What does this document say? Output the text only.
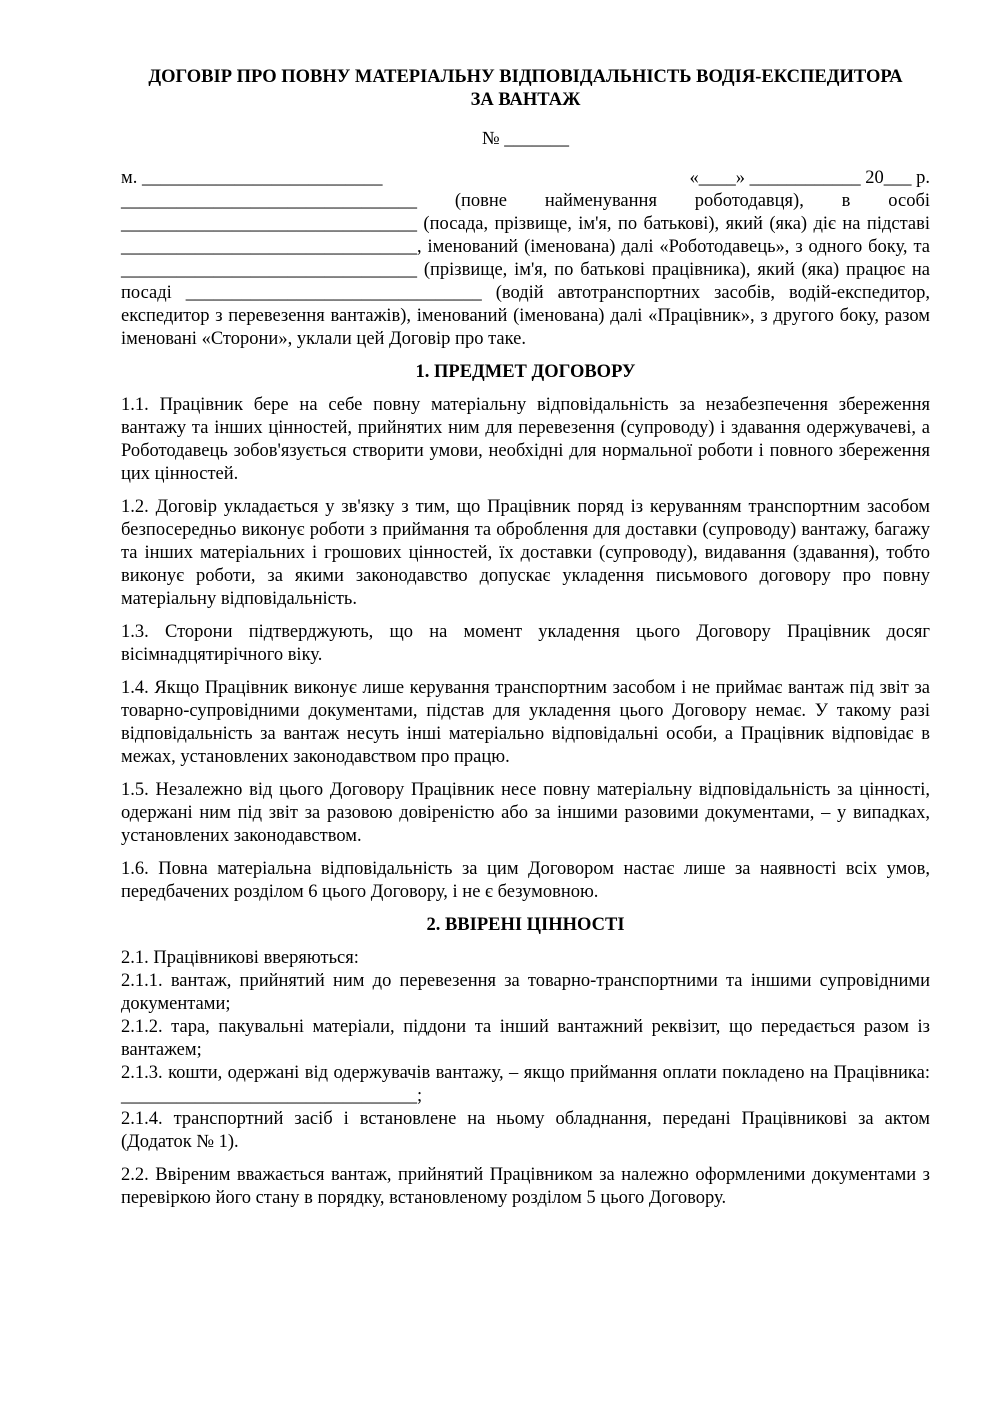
ДОГОВІР ПРО ПОВНУ МАТЕРІАЛЬНУ ВІДПОВІДАЛЬНІСТЬ ВОДІЯ-ЕКСПЕДИТОРА ЗА ВАНТАЖ
№ _______
м. __________________________	«____» ____________ 20___ р.

________________________________ (повне найменування роботодавця), в особі ________________________________ (посада, прізвище, ім'я, по батькові), який (яка) діє на підставі ________________________________, іменований (іменована) далі «Роботодавець», з одного боку, та ________________________________ (прізвище, ім'я, по батькові працівника), який (яка) працює на посаді ________________________________ (водій автотранспортних засобів, водій-експедитор, експедитор з перевезення вантажів), іменований (іменована) далі «Працівник», з другого боку, разом іменовані «Сторони», уклали цей Договір про таке.

1. ПРЕДМЕТ ДОГОВОРУ

1.1. Працівник бере на себе повну матеріальну відповідальність за незабезпечення збереження вантажу та інших цінностей, прийнятих ним для перевезення (супроводу) і здавання одержувачеві, а Роботодавець зобов'язується створити умови, необхідні для нормальної роботи і повного збереження цих цінностей.

1.2. Договір укладається у зв'язку з тим, що Працівник поряд із керуванням транспортним засобом безпосередньо виконує роботи з приймання та оброблення для доставки (супроводу) вантажу, багажу та інших матеріальних і грошових цінностей, їх доставки (супроводу), видавання (здавання), тобто виконує роботи, за якими законодавство допускає укладення письмового договору про повну матеріальну відповідальність.

1.3. Сторони підтверджують, що на момент укладення цього Договору Працівник досяг вісімнадцятирічного віку.

1.4. Якщо Працівник виконує лише керування транспортним засобом і не приймає вантаж під звіт за товарно-супровідними документами, підстав для укладення цього Договору немає. У такому разі відповідальність за вантаж несуть інші матеріально відповідальні особи, а Працівник відповідає в межах, установлених законодавством про працю.

1.5. Незалежно від цього Договору Працівник несе повну матеріальну відповідальність за цінності, одержані ним під звіт за разовою довіреністю або за іншими разовими документами, – у випадках, установлених законодавством.

1.6. Повна матеріальна відповідальність за цим Договором настає лише за наявності всіх умов, передбачених розділом 6 цього Договору, і не є безумовною.

2. ВВІРЕНІ ЦІННОСТІ

2.1. Працівникові вверяються:

2.1.1. вантаж, прийнятий ним до перевезення за товарно-транспортними та іншими супровідними документами;

2.1.2. тара, пакувальні матеріали, піддони та інший вантажний реквізит, що передається разом із вантажем;

2.1.3. кошти, одержані від одержувачів вантажу, – якщо приймання оплати покладено на Працівника: ________________________________;

2.1.4. транспортний засіб і встановлене на ньому обладнання, передані Працівникові за актом (Додаток № 1).

2.2. Ввіреним вважається вантаж, прийнятий Працівником за належно оформленими документами з перевіркою його стану в порядку, встановленому розділом 5 цього Договору.
